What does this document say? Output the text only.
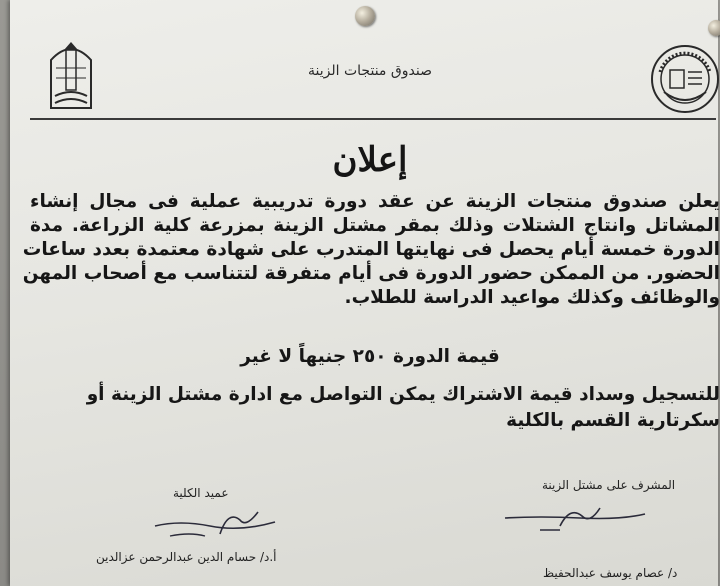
صندوق منتجات الزينة
إعلان
يعلن صندوق منتجات الزينة عن عقد دورة تدريبية عملية فى مجال إنشاء
المشاتل وانتاج الشتلات وذلك بمقر مشتل الزينة بمزرعة كلية الزراعة. مدة
الدورة خمسة أيام يحصل فى نهايتها المتدرب على شهادة معتمدة بعدد ساعات
الحضور. من الممكن حضور الدورة فى أيام متفرقة لتتناسب مع أصحاب المهن
والوظائف وكذلك مواعيد الدراسة للطلاب.
قيمة الدورة ٢٥٠ جنيهاً لا غير
للتسجيل وسداد قيمة الاشتراك يمكن التواصل مع ادارة مشتل الزينة أو
سكرتارية القسم بالكلية
المشرف على مشتل الزينة
د/ عصام يوسف عبدالحفيظ
عميد الكلية
أ.د/ حسام الدين عبدالرحمن عزالدين
